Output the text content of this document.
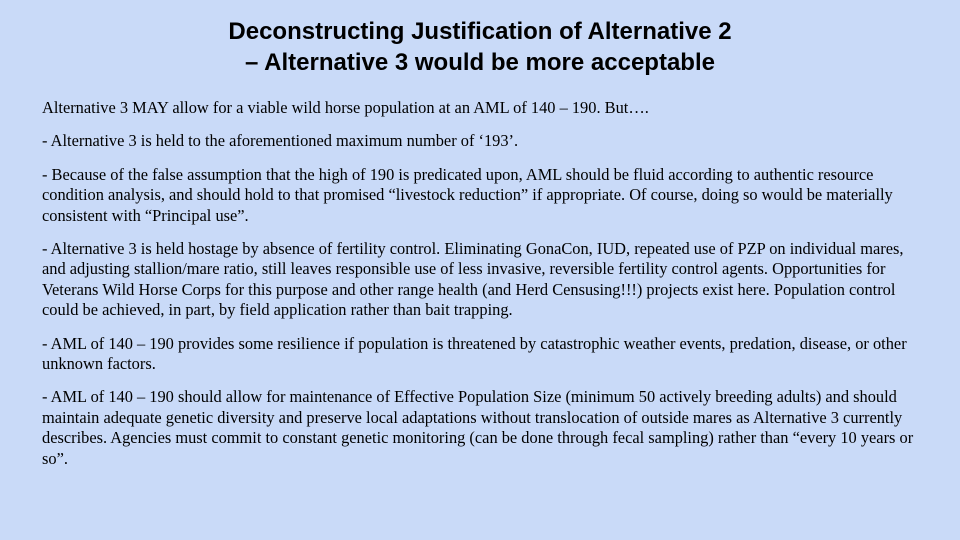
Deconstructing Justification of Alternative 2
– Alternative 3 would be more acceptable

Alternative 3 MAY allow for a viable wild horse population at an AML of 140 – 190. But….

- Alternative 3 is held to the aforementioned maximum number of ‘193’.

- Because of the false assumption that the high of 190 is predicated upon, AML should be fluid according to authentic resource condition analysis, and should hold to that promised “livestock reduction” if appropriate. Of course, doing so would be materially consistent with “Principal use”.

- Alternative 3 is held hostage by absence of fertility control. Eliminating GonaCon, IUD, repeated use of PZP on individual mares, and adjusting stallion/mare ratio, still leaves responsible use of less invasive, reversible fertility control agents. Opportunities for Veterans Wild Horse Corps for this purpose and other range health (and Herd Censusing!!!) projects exist here. Population control could be achieved, in part, by field application rather than bait trapping.

- AML of 140 – 190 provides some resilience if population is threatened by catastrophic weather events, predation, disease, or other unknown factors.

- AML of 140 – 190 should allow for maintenance of Effective Population Size (minimum 50 actively breeding adults) and should maintain adequate genetic diversity and preserve local adaptations without translocation of outside mares as Alternative 3 currently describes. Agencies must commit to constant genetic monitoring (can be done through fecal sampling) rather than “every 10 years or so”.
